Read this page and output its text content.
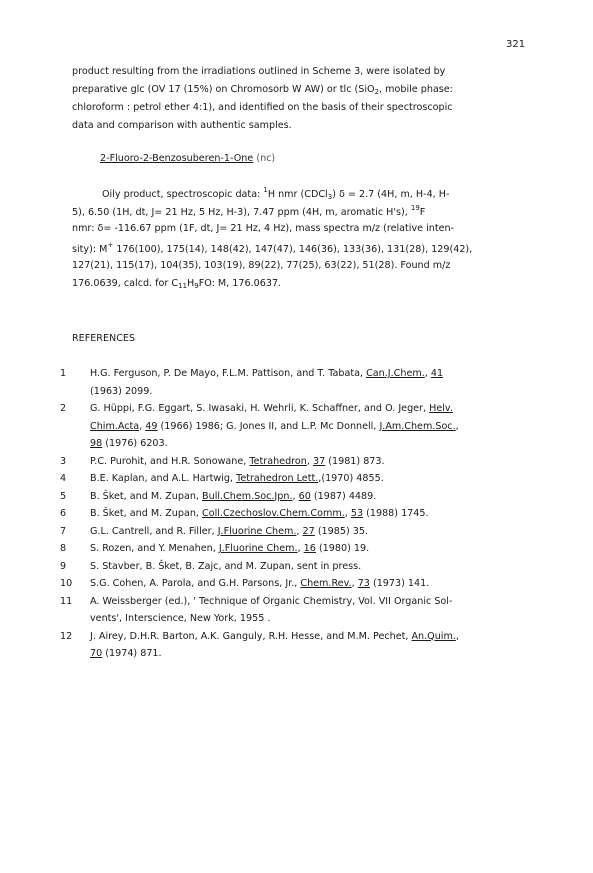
321
product resulting from the irradiations outlined in Scheme 3, were isolated by
preparative glc (OV 17 (15%) on Chromosorb W AW) or tlc (SiO$_2$, mobile phase:
chloroform : petrol ether 4:1), and identified on the basis of their spectroscopic
data and comparison with authentic samples.
2-Fluoro-2-Benzosuberen-1-One (nc)
Oily product, spectroscopic data: $^1$H nmr (CDCl$_3$) δ = 2.7 (4H, m, H-4, H-
5), 6.50 (1H, dt, J= 21 Hz, 5 Hz, H-3), 7.47 ppm (4H, m, aromatic H's), $^{19}$F
nmr: δ= -116.67 ppm (1F, dt, J= 21 Hz, 4 Hz), mass spectra m/z (relative inten-
sity): M+ 176(100), 175(14), 148(42), 147(47), 146(36), 133(36), 131(28), 129(42),
127(21), 115(17), 104(35), 103(19), 89(22), 77(25), 63(22), 51(28). Found m/z
176.0639, calcd. for $C_{11}H_9FO$: M, 176.0637.
REFERENCES
1 H.G. Ferguson, P. De Mayo, F.L.M. Pattison, and T. Tabata, Can.J.Chem., 41
(1963) 2099.
2 G. Hüppi, F.G. Eggart, S. Iwasaki, H. Wehrli, K. Schaffner, and O. Jeger, Helv.
Chim.Acta, 49 (1966) 1986; G. Jones II, and L.P. Mc Donnell, J.Am.Chem.Soc.,
98 (1976) 6203.
3 P.C. Purohit, and H.R. Sonowane, Tetrahedron, 37 (1981) 873.
4 B.E. Kaplan, and A.L. Hartwig, Tetrahedron Lett.,(1970) 4855.
5 B. Šket, and M. Zupan, Bull.Chem.Soc.Jpn., 60 (1987) 4489.
6 B. Šket, and M. Zupan, Coll.Czechoslov.Chem.Comm., 53 (1988) 1745.
7 G.L. Cantrell, and R. Filler, J.Fluorine Chem., 27 (1985) 35.
8 S. Rozen, and Y. Menahen, J.Fluorine Chem., 16 (1980) 19.
9 S. Stavber, B. Šket, B. Zajc, and M. Zupan, sent in press.
10 S.G. Cohen, A. Parola, and G.H. Parsons, Jr., Chem.Rev., 73 (1973) 141.
11 A. Weissberger (ed.), ' Technique of Organic Chemistry, Vol. VII Organic Sol-
vents', Interscience, New York, 1955 .
12 J. Airey, D.H.R. Barton, A.K. Ganguly, R.H. Hesse, and M.M. Pechet, An.Quim.,
70 (1974) 871.
